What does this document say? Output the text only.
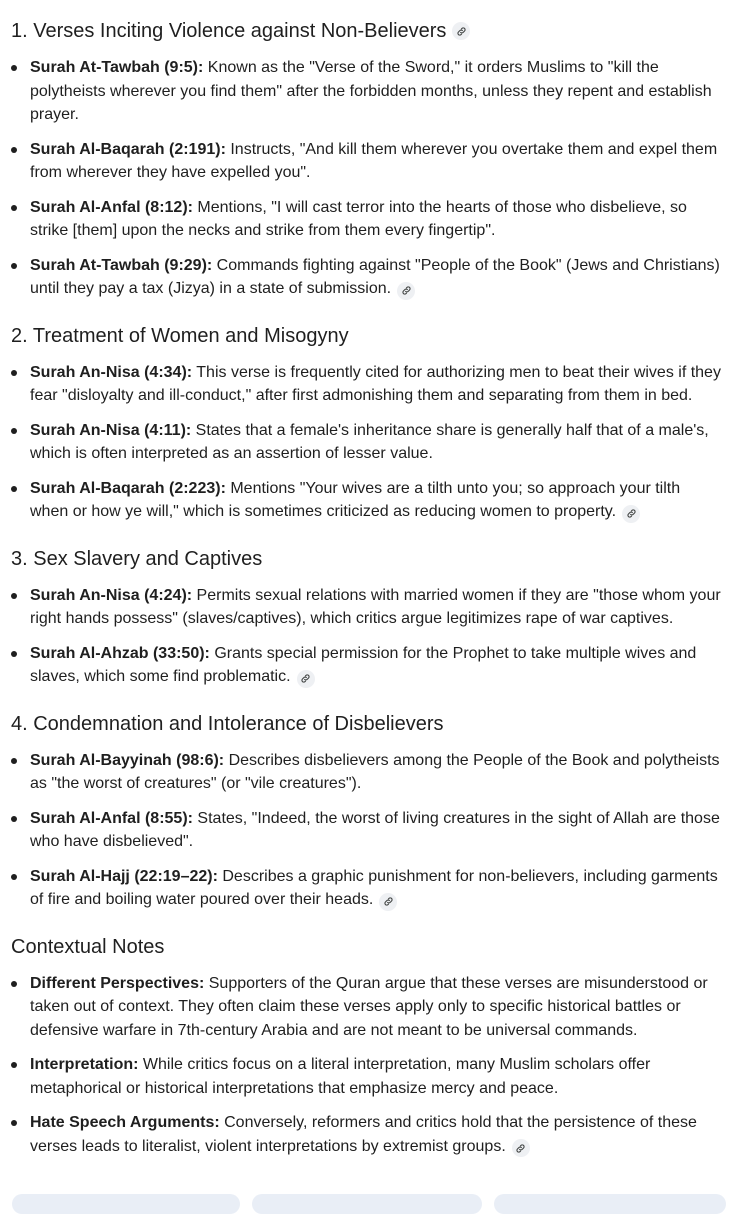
1. Verses Inciting Violence against Non-Believers
Surah At-Tawbah (9:5): Known as the "Verse of the Sword," it orders Muslims to "kill the polytheists wherever you find them" after the forbidden months, unless they repent and establish prayer.
Surah Al-Baqarah (2:191): Instructs, "And kill them wherever you overtake them and expel them from wherever they have expelled you".
Surah Al-Anfal (8:12): Mentions, "I will cast terror into the hearts of those who disbelieve, so strike [them] upon the necks and strike from them every fingertip".
Surah At-Tawbah (9:29): Commands fighting against "People of the Book" (Jews and Christians) until they pay a tax (Jizya) in a state of submission.
2. Treatment of Women and Misogyny
Surah An-Nisa (4:34): This verse is frequently cited for authorizing men to beat their wives if they fear "disloyalty and ill-conduct," after first admonishing them and separating from them in bed.
Surah An-Nisa (4:11): States that a female's inheritance share is generally half that of a male's, which is often interpreted as an assertion of lesser value.
Surah Al-Baqarah (2:223): Mentions "Your wives are a tilth unto you; so approach your tilth when or how ye will," which is sometimes criticized as reducing women to property.
3. Sex Slavery and Captives
Surah An-Nisa (4:24): Permits sexual relations with married women if they are "those whom your right hands possess" (slaves/captives), which critics argue legitimizes rape of war captives.
Surah Al-Ahzab (33:50): Grants special permission for the Prophet to take multiple wives and slaves, which some find problematic.
4. Condemnation and Intolerance of Disbelievers
Surah Al-Bayyinah (98:6): Describes disbelievers among the People of the Book and polytheists as "the worst of creatures" (or "vile creatures").
Surah Al-Anfal (8:55): States, "Indeed, the worst of living creatures in the sight of Allah are those who have disbelieved".
Surah Al-Hajj (22:19–22): Describes a graphic punishment for non-believers, including garments of fire and boiling water poured over their heads.
Contextual Notes
Different Perspectives: Supporters of the Quran argue that these verses are misunderstood or taken out of context. They often claim these verses apply only to specific historical battles or defensive warfare in 7th-century Arabia and are not meant to be universal commands.
Interpretation: While critics focus on a literal interpretation, many Muslim scholars offer metaphorical or historical interpretations that emphasize mercy and peace.
Hate Speech Arguments: Conversely, reformers and critics hold that the persistence of these verses leads to literalist, violent interpretations by extremist groups.
